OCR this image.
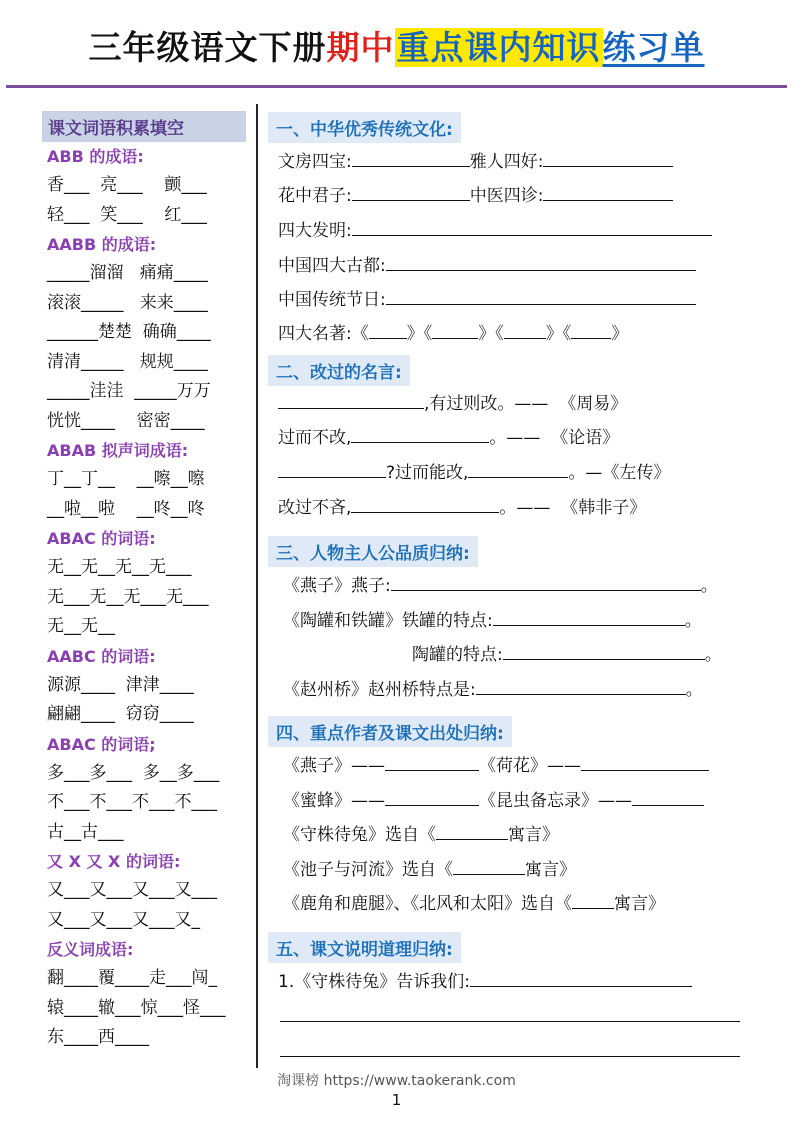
三年级语文下册期中重点课内知识练习单
课文词语积累填空
ABB 的成语:
香___  亮___    颤___
轻___  笑___    红___
AABB 的成语:
_____溜溜   痛痛____
滚滚_____   来来____
______楚楚  确确____
清清_____   规规____
_____洼洼  _____万万
恍恍____    密密____
ABAB 拟声词成语:
丁__丁__    __嚓__嚓
__啦__啦    __咚__咚
ABAC 的词语:
无__无__无__无___
无___无__无___无___
无__无__
AABC 的词语:
源源____  津津____
翩翩____  窃窃____
ABAC 的词语;
多___多___  多__多___
不___不___不___不___
古__古___
又 X 又 X 的词语:
又___又___又___又___
又___又___又___又_
反义词成语:
翻____覆____走___闯_
辕____辙___惊___怪___
东____西____
一、中华优秀传统文化:
文房四宝:	雅人四好:
花中君子:	中医四诊:
四大发明:
中国四大古都:
中国传统节日:
四大名著:《 》《	》《 》《 》
二、改过的名言:
,有过则改。——  《周易》
过而不改,	。——  《论语》
?过而能改,	。—《左传》
改过不吝,	。——  《韩非子》
三、人物主人公品质归纳:
《燕子》燕子:	。
《陶罐和铁罐》铁罐的特点:	。
陶罐的特点:	。
《赵州桥》赵州桥特点是:	。
四、重点作者及课文出处归纳:
《燕子》——	《荷花》——
《蜜蜂》——	《昆虫备忘录》——
《守株待兔》选自《	寓言》
《池子与河流》选自《	寓言》
《鹿角和鹿腿》、《北风和太阳》选自《 寓言》
五、课文说明道理归纳:
1.《守株待兔》告诉我们:
淘课榜 https://www.taokerank.com
1
